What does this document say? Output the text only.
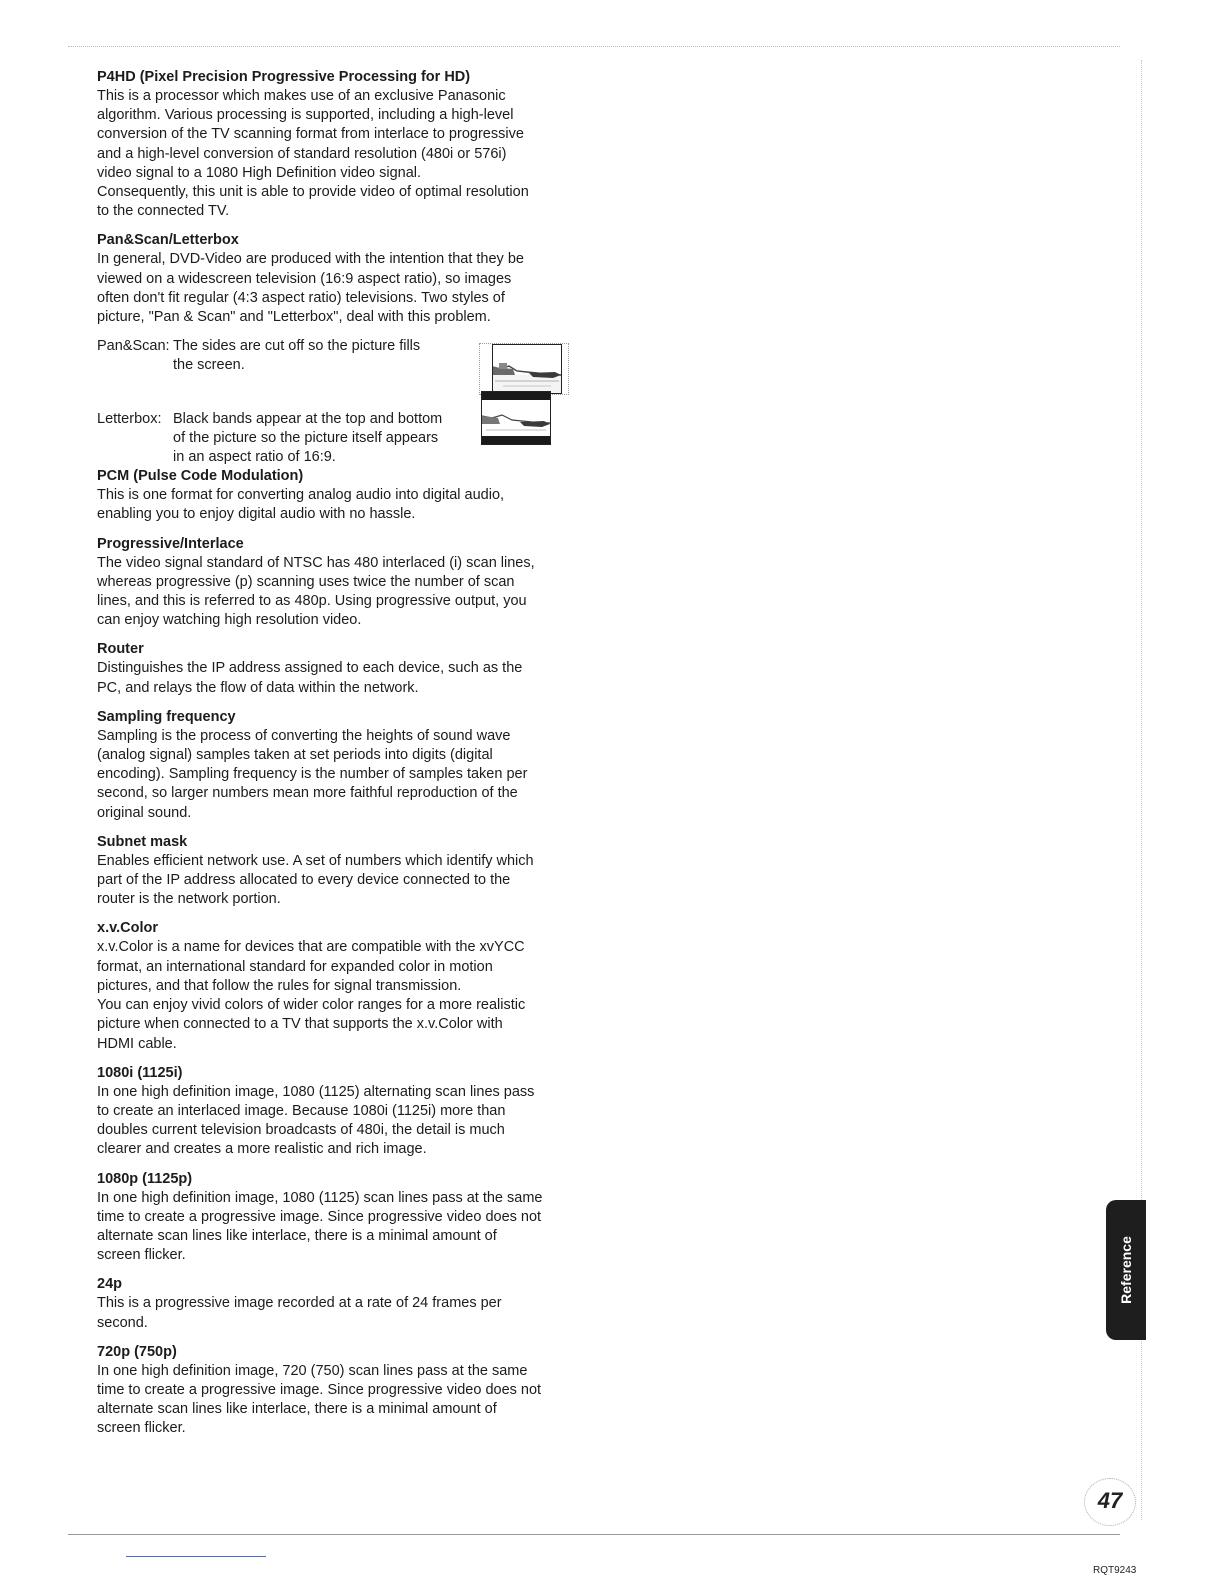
P4HD (Pixel Precision Progressive Processing for HD)

This is a processor which makes use of an exclusive Panasonic
algorithm. Various processing is supported, including a high-level
conversion of the TV scanning format from interlace to progressive
and a high-level conversion of standard resolution (480i or 576i)
video signal to a 1080 High Definition video signal.
Consequently, this unit is able to provide video of optimal resolution
to the connected TV.

Pan&Scan/Letterbox

In general, DVD-Video are produced with the intention that they be
viewed on a widescreen television (16:9 aspect ratio), so images
often don't fit regular (4:3 aspect ratio) televisions. Two styles of
picture, "Pan & Scan" and "Letterbox", deal with this problem.

Pan&Scan: The sides are cut off so the picture fills
the screen.
Letterbox: Black bands appear at the top and bottom
of the picture so the picture itself appears
in an aspect ratio of 16:9.

PCM (Pulse Code Modulation)

This is one format for converting analog audio into digital audio,
enabling you to enjoy digital audio with no hassle.

Progressive/Interlace

The video signal standard of NTSC has 480 interlaced (i) scan lines,
whereas progressive (p) scanning uses twice the number of scan
lines, and this is referred to as 480p. Using progressive output, you
can enjoy watching high resolution video.

Router

Distinguishes the IP address assigned to each device, such as the
PC, and relays the flow of data within the network.

Sampling frequency

Sampling is the process of converting the heights of sound wave
(analog signal) samples taken at set periods into digits (digital
encoding). Sampling frequency is the number of samples taken per
second, so larger numbers mean more faithful reproduction of the
original sound.

Subnet mask

Enables efficient network use. A set of numbers which identify which
part of the IP address allocated to every device connected to the
router is the network portion.

x.v.Color

x.v.Color is a name for devices that are compatible with the xvYCC
format, an international standard for expanded color in motion
pictures, and that follow the rules for signal transmission.
You can enjoy vivid colors of wider color ranges for a more realistic
picture when connected to a TV that supports the x.v.Color with
HDMI cable.

1080i (1125i)

In one high definition image, 1080 (1125) alternating scan lines pass
to create an interlaced image. Because 1080i (1125i) more than
doubles current television broadcasts of 480i, the detail is much
clearer and creates a more realistic and rich image.

1080p (1125p)

In one high definition image, 1080 (1125) scan lines pass at the same
time to create a progressive image. Since progressive video does not
alternate scan lines like interlace, there is a minimal amount of
screen flicker.

24p

This is a progressive image recorded at a rate of 24 frames per
second.

720p (750p)

In one high definition image, 720 (750) scan lines pass at the same
time to create a progressive image. Since progressive video does not
alternate scan lines like interlace, there is a minimal amount of
screen flicker.

Reference
47
RQT9243
